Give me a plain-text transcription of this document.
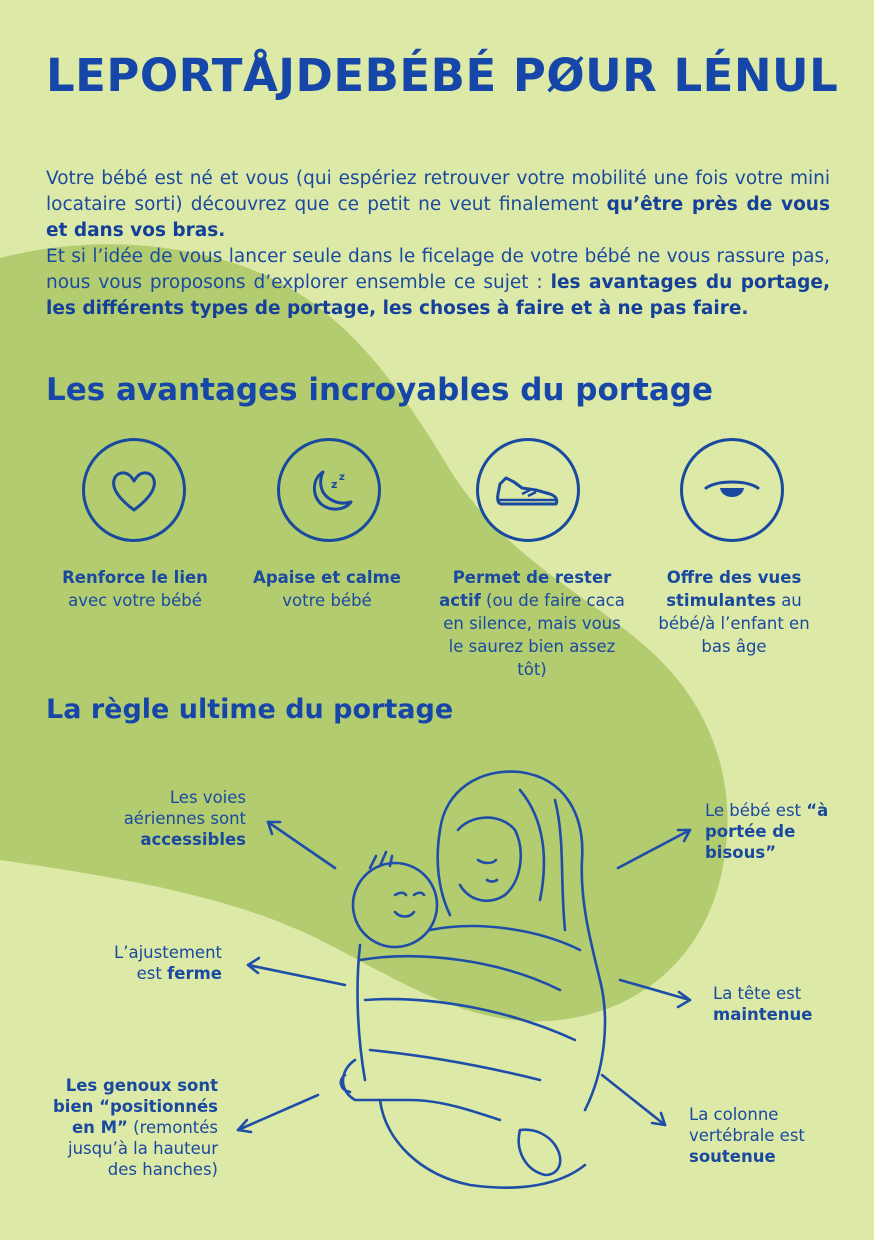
LEPORTÅJDEBÉBÉ PØUR LÉNUL
Votre bébé est né et vous (qui espériez retrouver votre mobilité une fois votre mini locataire sorti) découvrez que ce petit ne veut finalement qu’être près de vous et dans vos bras.
Et si l’idée de vous lancer seule dans le ficelage de votre bébé ne vous rassure pas, nous vous proposons d’explorer ensemble ce sujet : les avantages du portage, les différents types de portage, les choses à faire et à ne pas faire.
Les avantages incroyables du portage
z
z
Renforce le lien
avec votre bébé
Apaise et calme
votre bébé
Permet de rester actif (ou de faire caca en silence, mais vous le saurez bien assez tôt)
Offre des vues stimulantes au bébé/à l’enfant en bas âge
La règle ultime du portage
Les voies aériennes sont accessibles
L’ajustement est ferme
Les genoux sont bien “positionnés en M” (remontés jusqu’à la hauteur des hanches)
Le bébé est “à portée de bisous”
La tête est maintenue
La colonne vertébrale est soutenue
